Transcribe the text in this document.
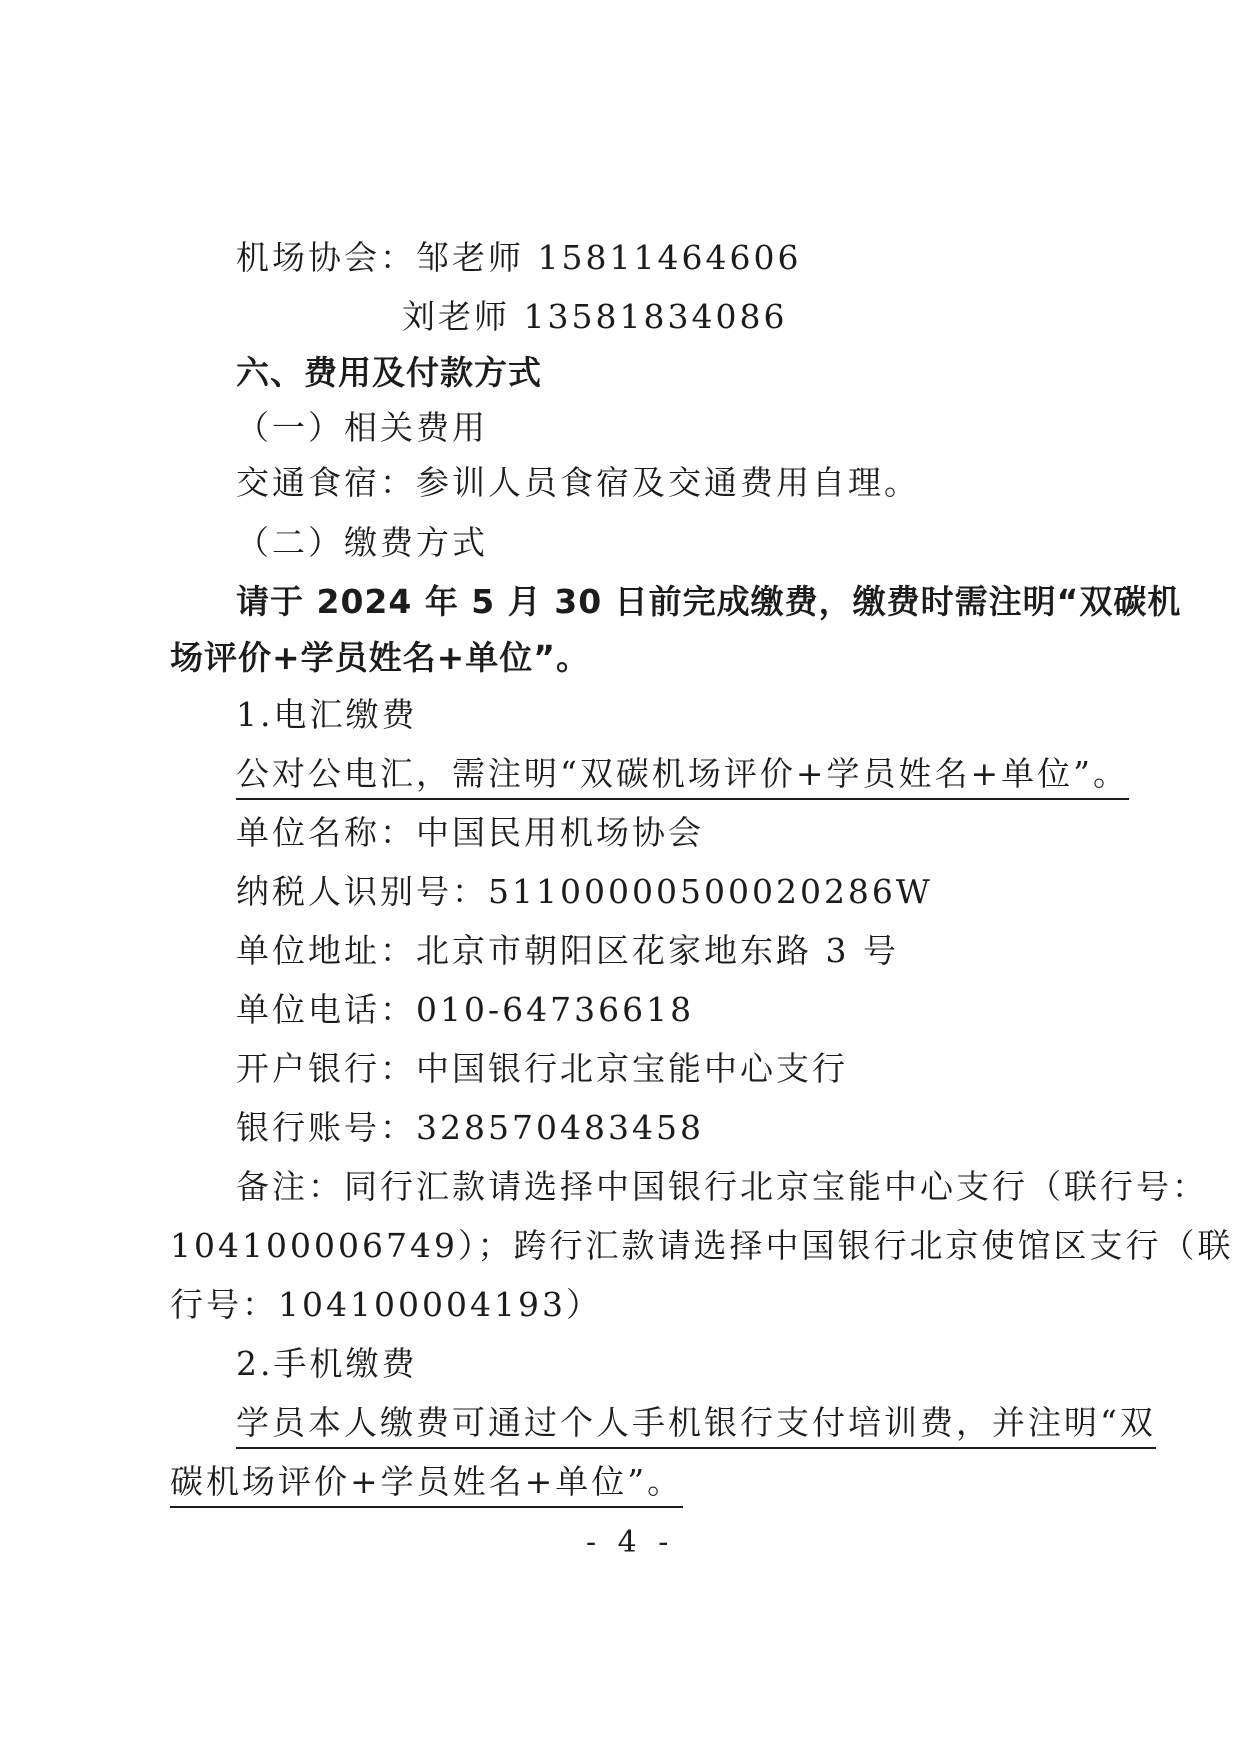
机场协会：邹老师 15811464606
刘老师 13581834086
六、费用及付款方式
（一）相关费用
交通食宿：参训人员食宿及交通费用自理。
（二）缴费方式
请于 2024 年 5 月 30 日前完成缴费，缴费时需注明“双碳机
场评价+学员姓名+单位”。
1.电汇缴费
公对公电汇，需注明“双碳机场评价+学员姓名+单位”。
单位名称：中国民用机场协会
纳税人识别号：51100000500020286W
单位地址：北京市朝阳区花家地东路 3 号
单位电话：010-64736618
开户银行：中国银行北京宝能中心支行
银行账号：328570483458
备注：同行汇款请选择中国银行北京宝能中心支行（联行号：
104100006749）；跨行汇款请选择中国银行北京使馆区支行（联
行号：104100004193）
2.手机缴费
学员本人缴费可通过个人手机银行支付培训费，并注明“双
碳机场评价+学员姓名+单位”。
- 4 -
